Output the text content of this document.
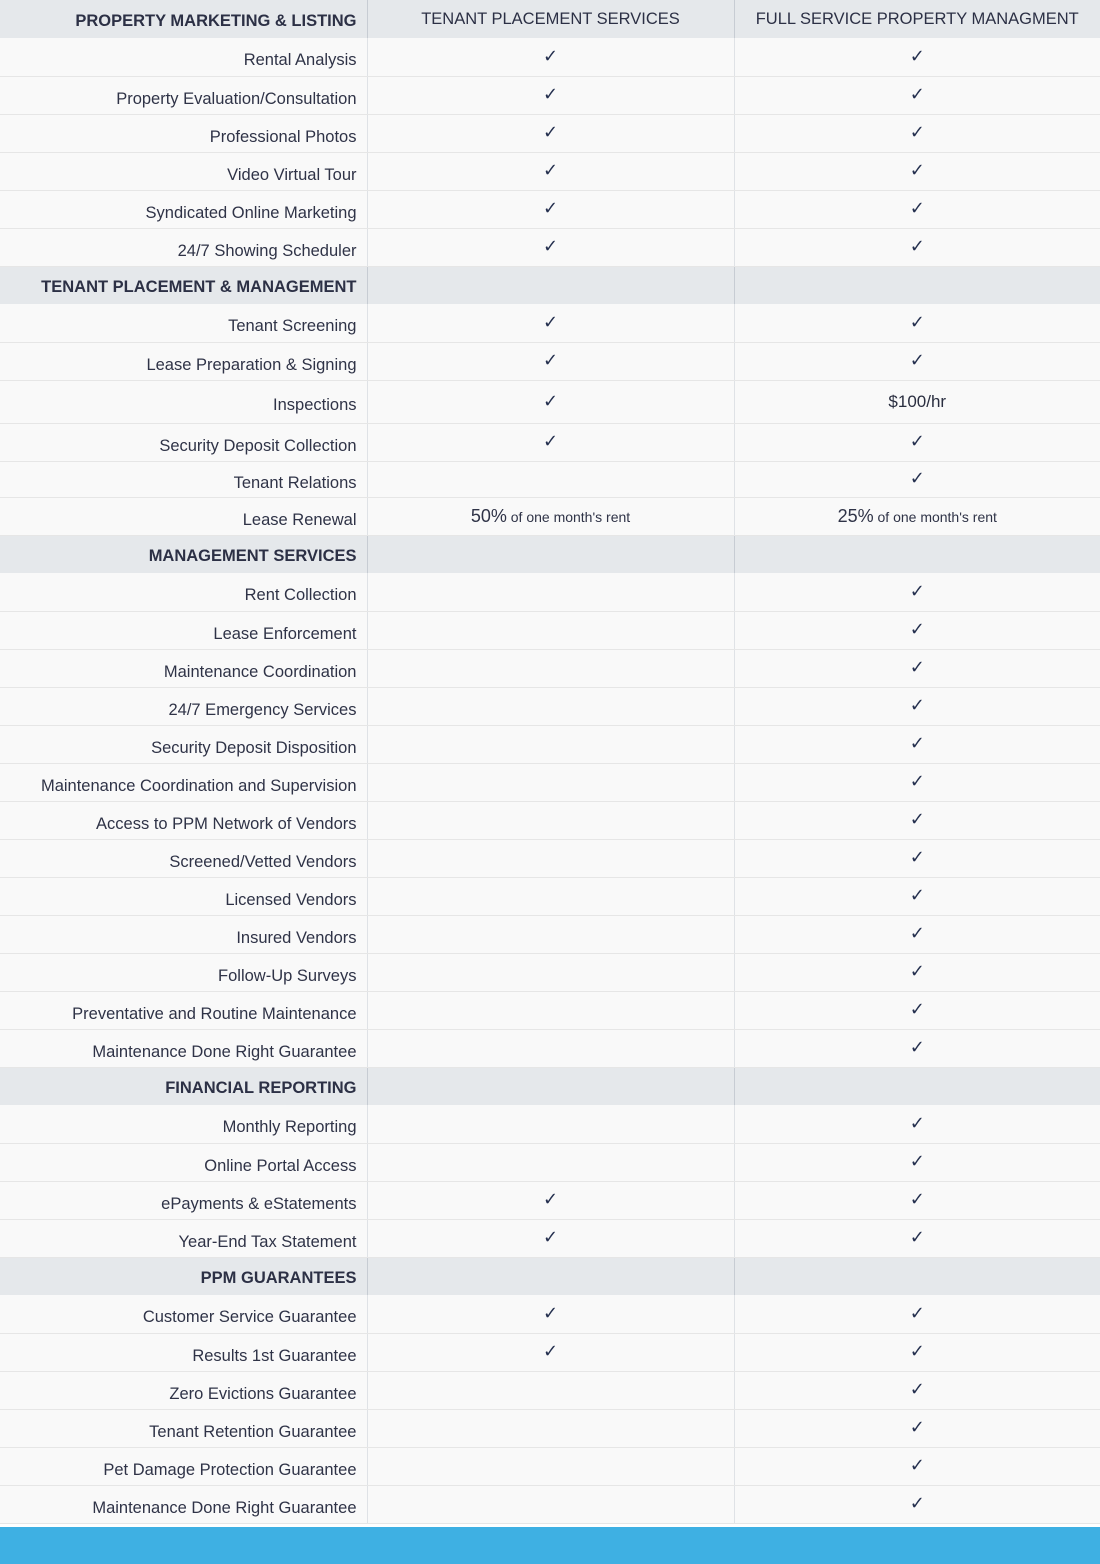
PROPERTY MARKETING & LISTING	TENANT PLACEMENT SERVICES	FULL SERVICE PROPERTY MANAGMENT
Rental Analysis	✓	✓
Property Evaluation/Consultation	✓	✓
Professional Photos	✓	✓
Video Virtual Tour	✓	✓
Syndicated Online Marketing	✓	✓
24/7 Showing Scheduler	✓	✓
TENANT PLACEMENT & MANAGEMENT		
Tenant Screening	✓	✓
Lease Preparation & Signing	✓	✓
Inspections	✓	$100/hr
Security Deposit Collection	✓	✓
Tenant Relations		✓
Lease Renewal	50% of one month's rent	25% of one month's rent
MANAGEMENT SERVICES		
Rent Collection		✓
Lease Enforcement		✓
Maintenance Coordination		✓
24/7 Emergency Services		✓
Security Deposit Disposition		✓
Maintenance Coordination and Supervision		✓
Access to PPM Network of Vendors		✓
Screened/Vetted Vendors		✓
Licensed Vendors		✓
Insured Vendors		✓
Follow-Up Surveys		✓
Preventative and Routine Maintenance		✓
Maintenance Done Right Guarantee		✓
FINANCIAL REPORTING		
Monthly Reporting		✓
Online Portal Access		✓
ePayments & eStatements	✓	✓
Year-End Tax Statement	✓	✓
PPM GUARANTEES		
Customer Service Guarantee	✓	✓
Results 1st Guarantee	✓	✓
Zero Evictions Guarantee		✓
Tenant Retention Guarantee		✓
Pet Damage Protection Guarantee		✓
Maintenance Done Right Guarantee		✓
